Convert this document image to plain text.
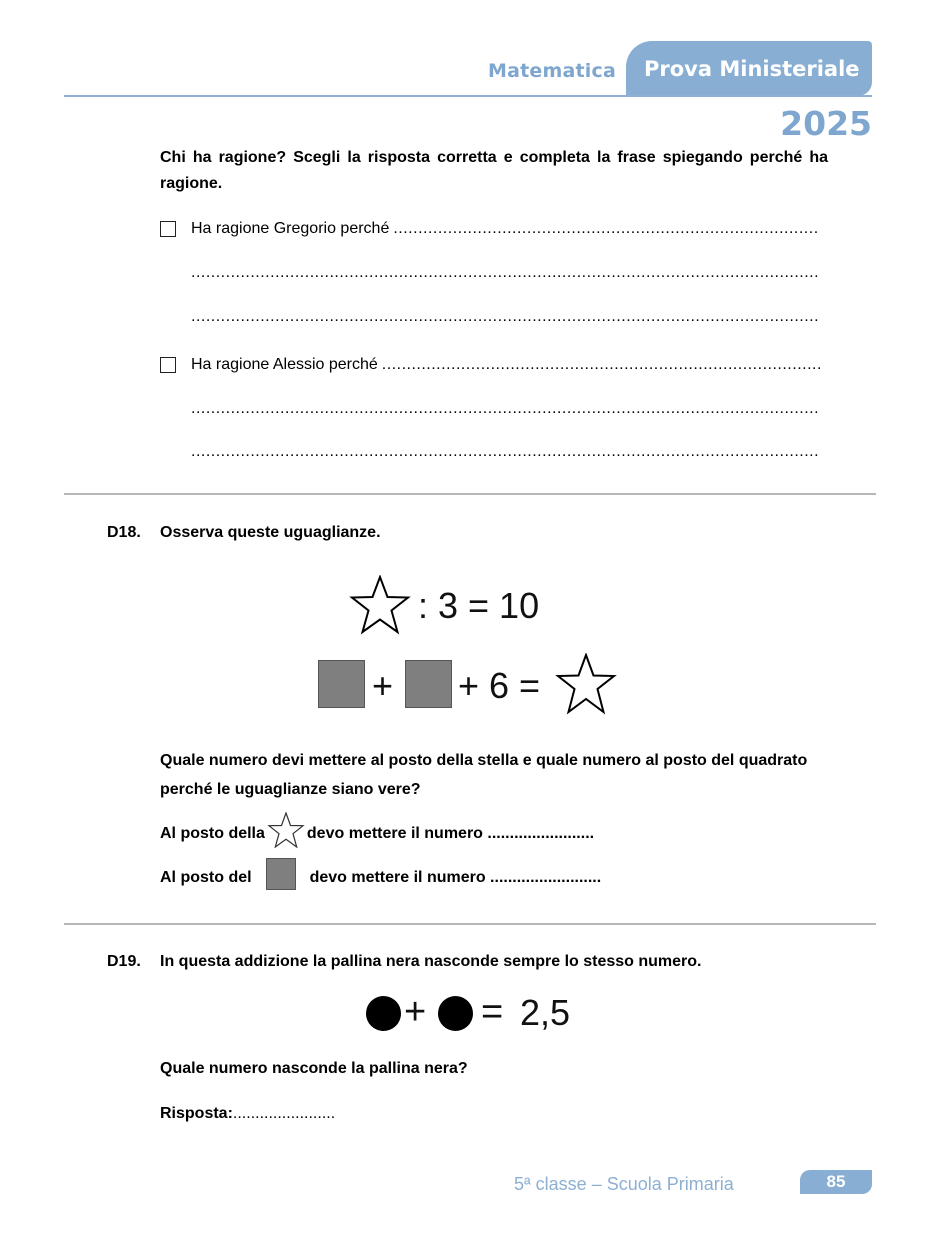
Matematica Prova Ministeriale
2025
Chi ha ragione? Scegli la risposta corretta e completa la frase spiegando perché ha ragione.
Ha ragione Gregorio perché
.....
.....
.....
Ha ragione Alessio perché
.....
.....
.....
D18. Osserva queste uguaglianze.
: 3 = 10
+ + 6 =
Quale numero devi mettere al posto della stella e quale numero al posto del quadrato perché le uguaglianze siano vere?
Al posto della	devo mettere il numero ........................
Al posto del	devo mettere il numero .........................
D19. In questa addizione la pallina nera nasconde sempre lo stesso numero.
+ = 2,5
Quale numero nasconde la pallina nera?
Risposta:.......................
5ª classe – Scuola Primaria	85
